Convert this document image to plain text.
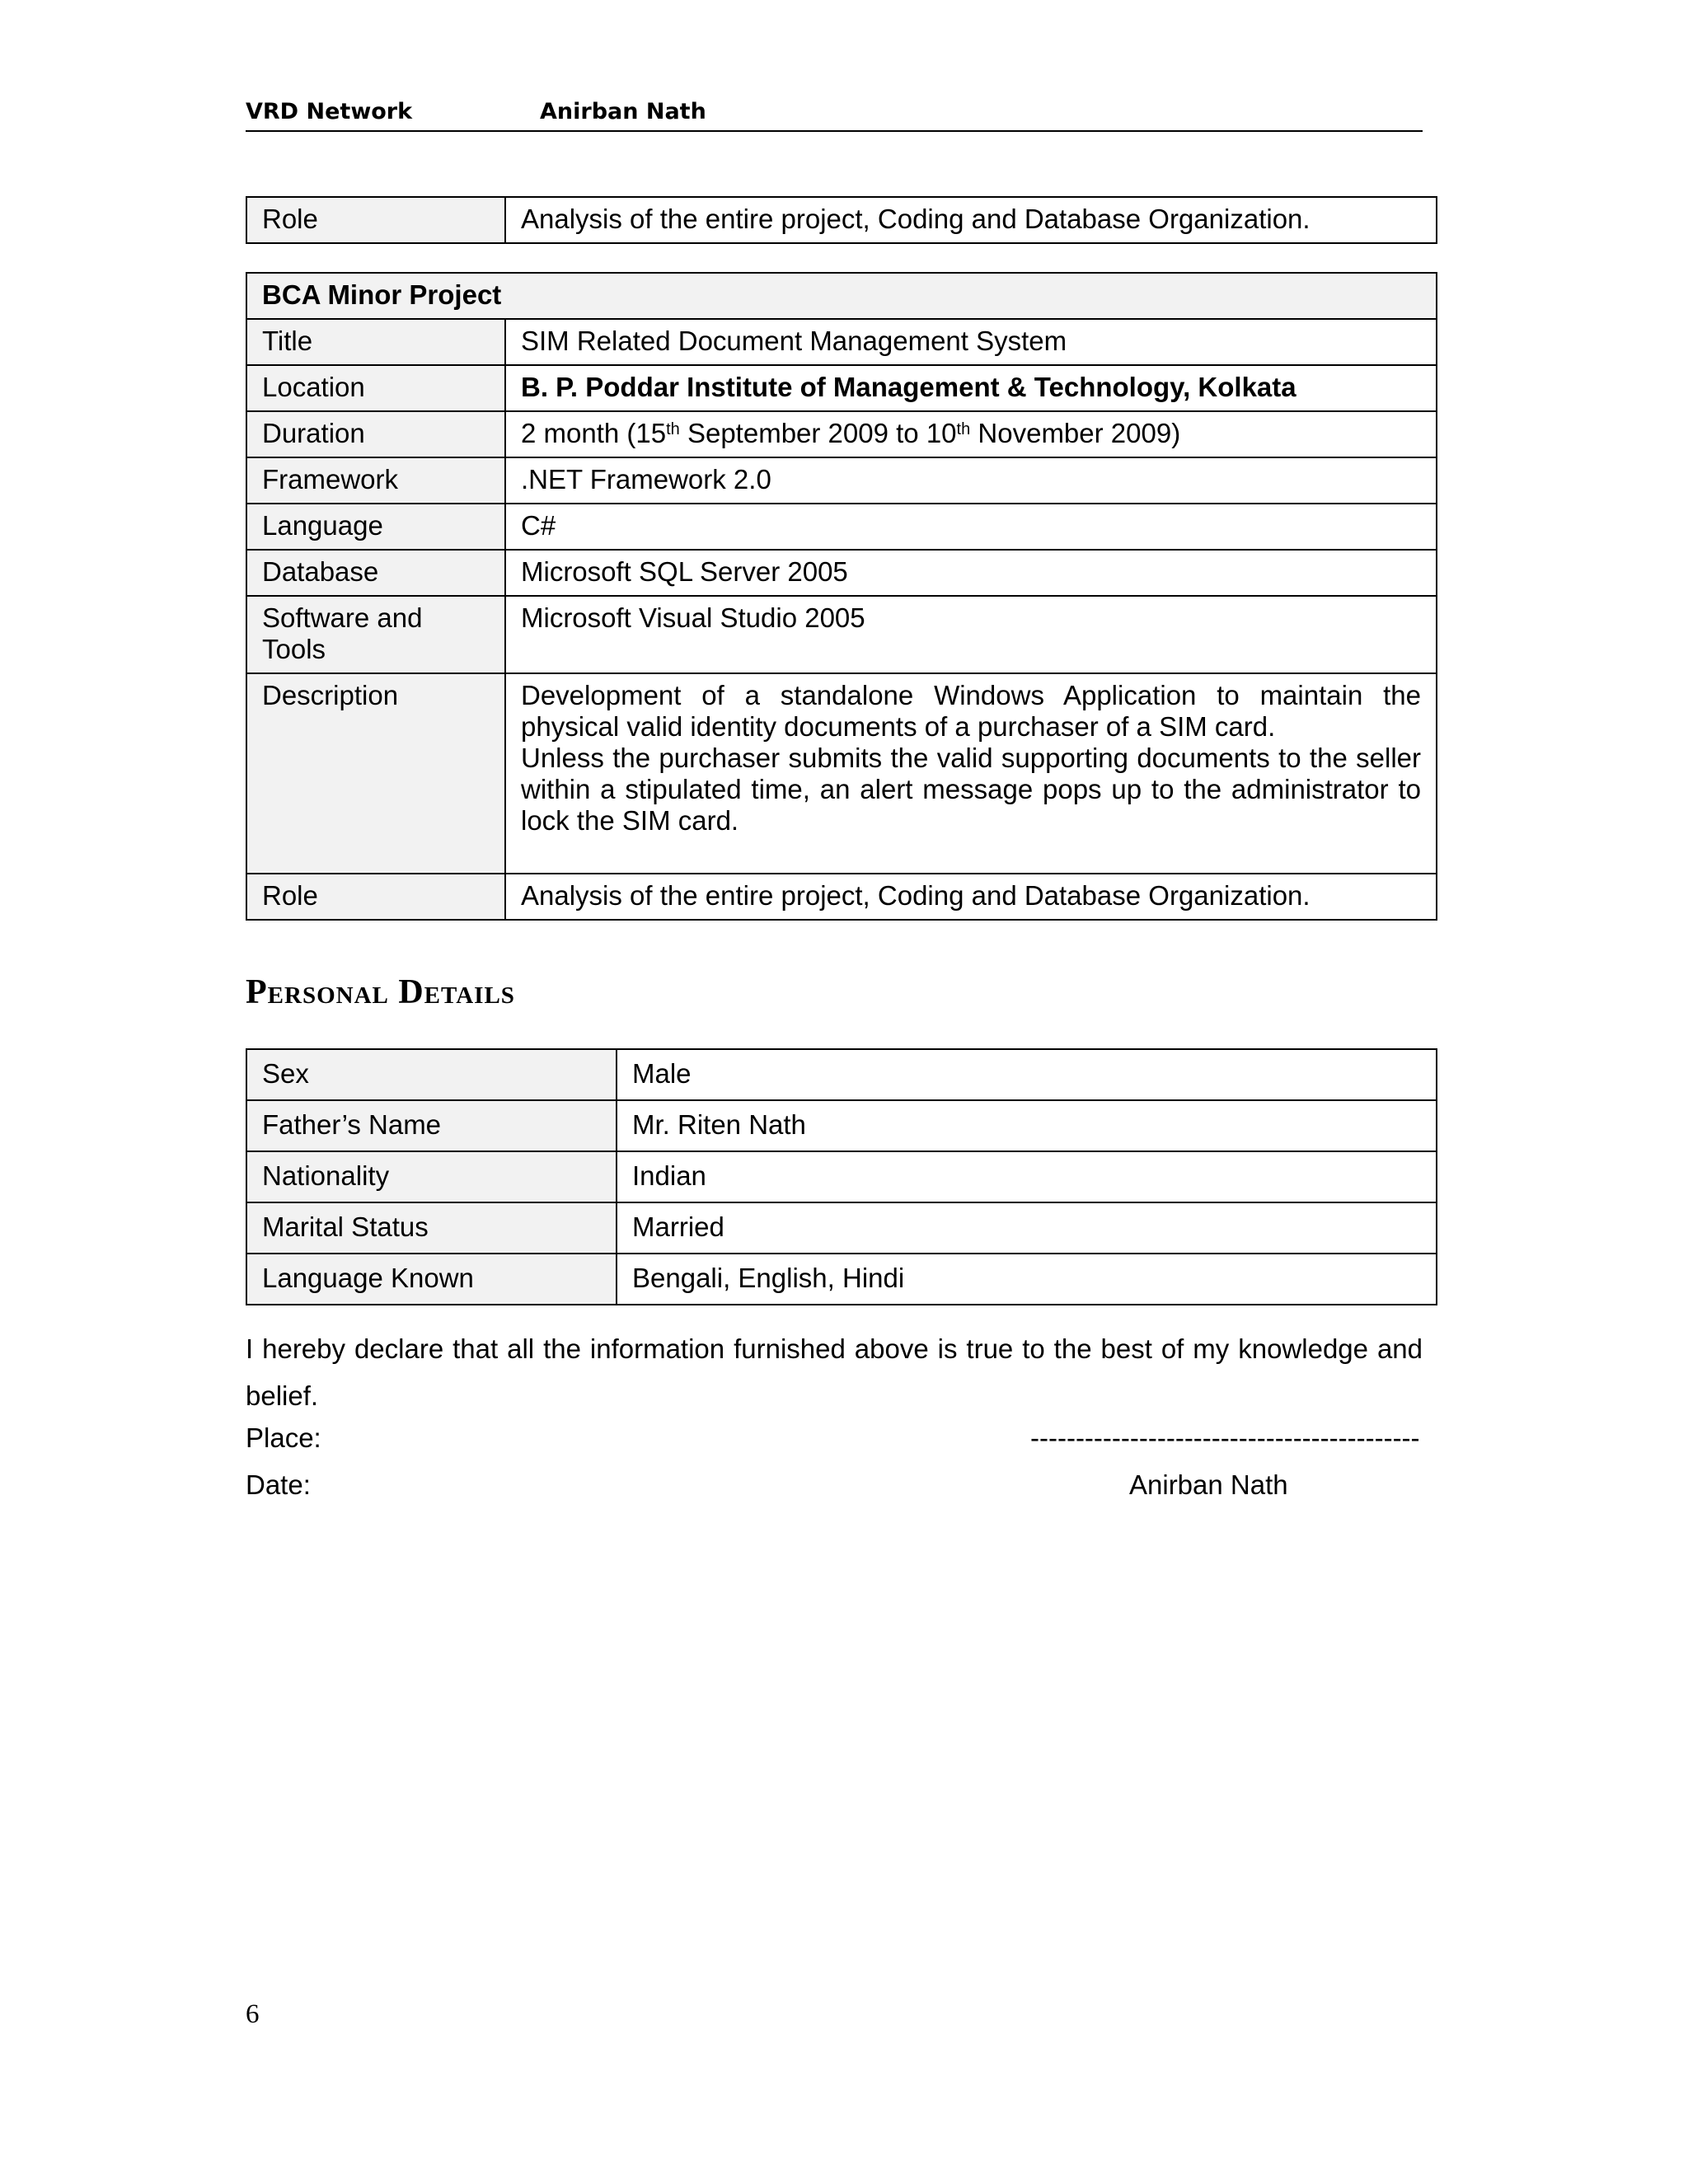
VRD Network	Anirban Nath
Role	Analysis of the entire project, Coding and Database Organization.
BCA Minor Project	
Title	SIM Related Document Management System
Location	B. P. Poddar Institute of Management & Technology, Kolkata
Duration	2 month (15th September 2009 to 10th November 2009)
Framework	.NET Framework 2.0
Language	C#
Database	Microsoft SQL Server 2005
Software and Tools	Microsoft Visual Studio 2005
Description	Development of a standalone Windows Application to maintain the physical valid identity documents of a purchaser of a SIM card.
Unless the purchaser submits the valid supporting documents to the seller within a stipulated time, an alert message pops up to the administrator to lock the SIM card.

Role	Analysis of the entire project, Coding and Database Organization.
Personal Details
Sex	Male
Father’s Name	Mr. Riten Nath
Nationality	Indian
Marital Status	Married
Language Known	Bengali, English, Hindi
I hereby declare that all the information furnished above is true to the best of my knowledge and belief.
Place:
Date:
-------------------------------------------
Anirban Nath
6
